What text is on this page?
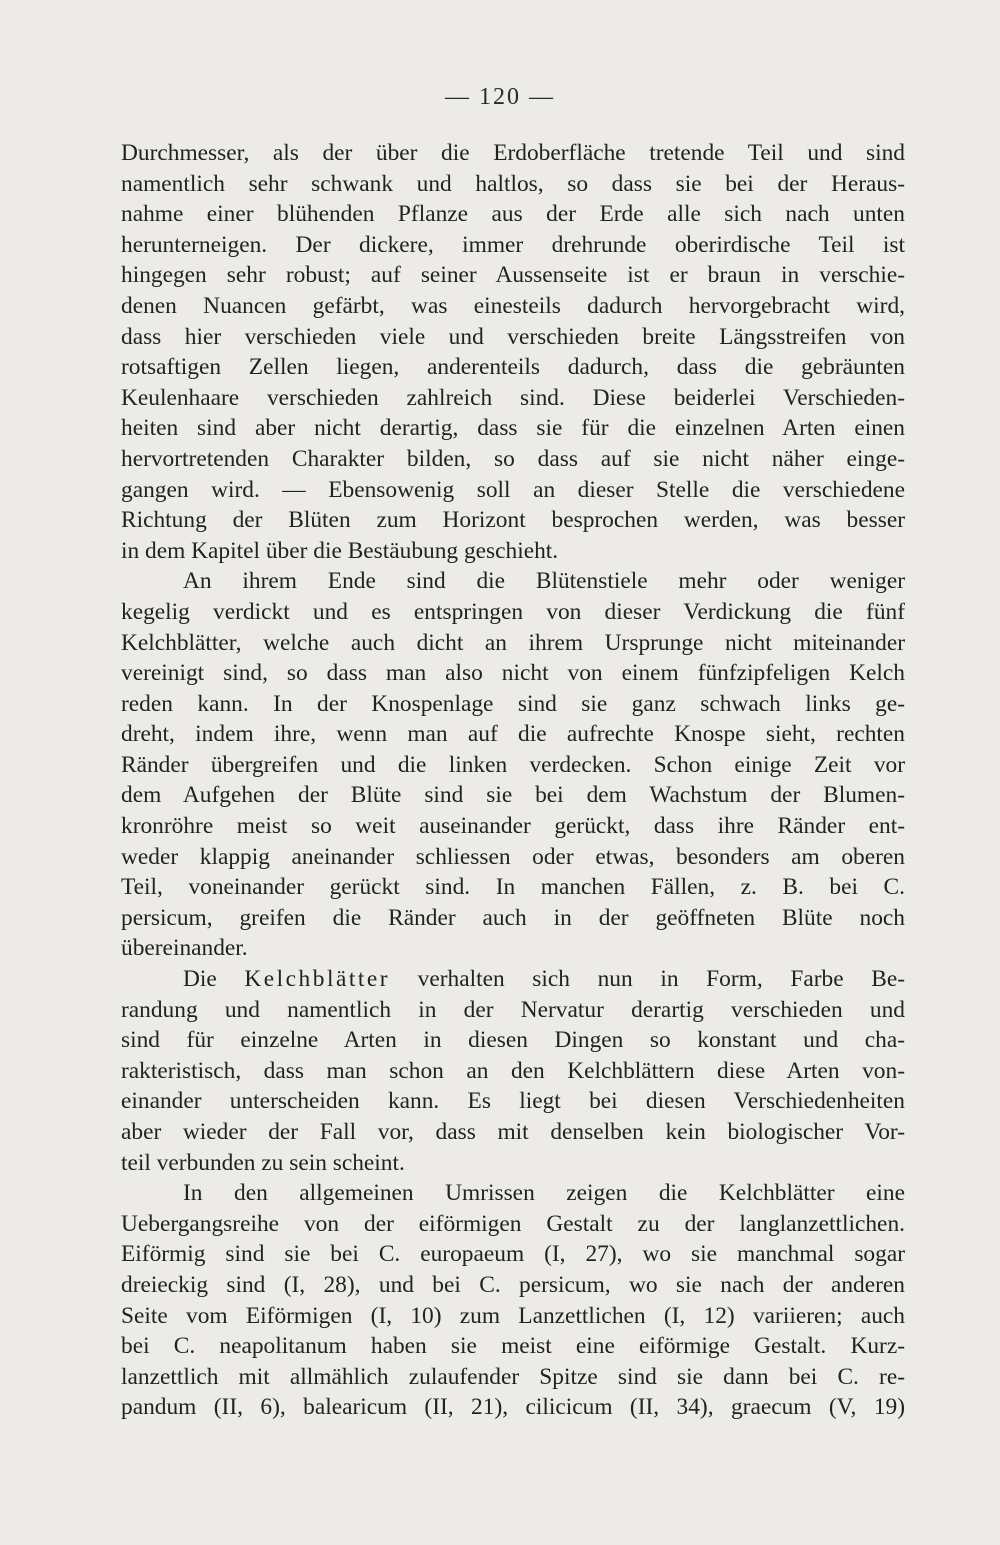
— 120 —
Durchmesser, als der über die Erdoberfläche tretende Teil und sind
namentlich sehr schwank und haltlos, so dass sie bei der Heraus-
nahme einer blühenden Pflanze aus der Erde alle sich nach unten
herunterneigen. Der dickere, immer drehrunde oberirdische Teil ist
hingegen sehr robust; auf seiner Aussenseite ist er braun in verschie-
denen Nuancen gefärbt, was einesteils dadurch hervorgebracht wird,
dass hier verschieden viele und verschieden breite Längsstreifen von
rotsaftigen Zellen liegen, anderenteils dadurch, dass die gebräunten
Keulenhaare verschieden zahlreich sind. Diese beiderlei Verschieden-
heiten sind aber nicht derartig, dass sie für die einzelnen Arten einen
hervortretenden Charakter bilden, so dass auf sie nicht näher einge-
gangen wird. — Ebensowenig soll an dieser Stelle die verschiedene
Richtung der Blüten zum Horizont besprochen werden, was besser
in dem Kapitel über die Bestäubung geschieht.
An ihrem Ende sind die Blütenstiele mehr oder weniger
kegelig verdickt und es entspringen von dieser Verdickung die fünf
Kelchblätter, welche auch dicht an ihrem Ursprunge nicht miteinander
vereinigt sind, so dass man also nicht von einem fünfzipfeligen Kelch
reden kann. In der Knospenlage sind sie ganz schwach links ge-
dreht, indem ihre, wenn man auf die aufrechte Knospe sieht, rechten
Ränder übergreifen und die linken verdecken. Schon einige Zeit vor
dem Aufgehen der Blüte sind sie bei dem Wachstum der Blumen-
kronröhre meist so weit auseinander gerückt, dass ihre Ränder ent-
weder klappig aneinander schliessen oder etwas, besonders am oberen
Teil, voneinander gerückt sind. In manchen Fällen, z. B. bei C.
persicum, greifen die Ränder auch in der geöffneten Blüte noch
übereinander.
Die Kelchblätter verhalten sich nun in Form, Farbe Be-
randung und namentlich in der Nervatur derartig verschieden und
sind für einzelne Arten in diesen Dingen so konstant und cha-
rakteristisch, dass man schon an den Kelchblättern diese Arten von-
einander unterscheiden kann. Es liegt bei diesen Verschiedenheiten
aber wieder der Fall vor, dass mit denselben kein biologischer Vor-
teil verbunden zu sein scheint.
In den allgemeinen Umrissen zeigen die Kelchblätter eine
Uebergangsreihe von der eiförmigen Gestalt zu der langlanzettlichen.
Eiförmig sind sie bei C. europaeum (I, 27), wo sie manchmal sogar
dreieckig sind (I, 28), und bei C. persicum, wo sie nach der anderen
Seite vom Eiförmigen (I, 10) zum Lanzettlichen (I, 12) variieren; auch
bei C. neapolitanum haben sie meist eine eiförmige Gestalt. Kurz-
lanzettlich mit allmählich zulaufender Spitze sind sie dann bei C. re-
pandum (II, 6), balearicum (II, 21), cilicicum (II, 34), graecum (V, 19)
